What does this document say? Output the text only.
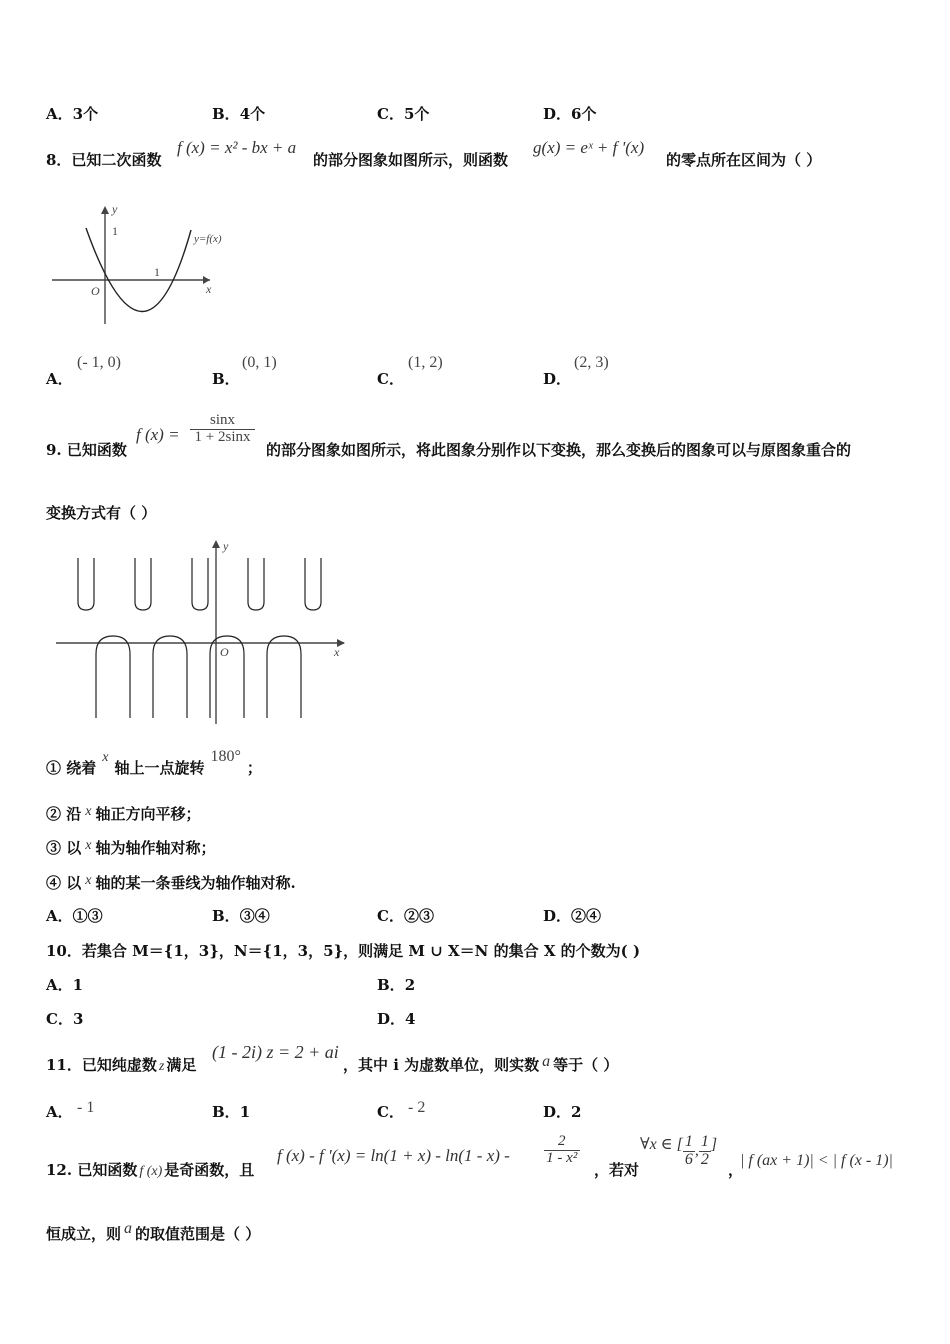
A．3个	B．4个	C．5个	D．6个
8．已知二次函数
f (x) = x² - bx + a
的部分图象如图所示，则函数
g(x) = eˣ + f '(x)
的零点所在区间为（ ）
y
x
O
1
1
y=f(x)
A．
(- 1, 0)
B．
(0, 1)
C．
(1, 2)
D．
(2, 3)
9. 已知函数
f $(x) = \frac{\sin x}{1 + 2\sin x}$
的部分图象如图所示，将此图象分别作以下变换，那么变换后的图象可以与原图象重合的
变换方式有（ ）
y
x
O
① 绕着x轴上一点旋转180°；
② 沿 x 轴正方向平移；
③ 以 x 轴为轴作轴对称；
④ 以 x 轴的某一条垂线为轴作轴对称.
A．①③	B．③④	C．②③	D．②④
10．若集合 M＝{1，3}，N＝{1，3，5}，则满足 M ∪ X＝N 的集合 X 的个数为( )
A．1	B．2
C．3	D．4
11．已知纯虚数 z 满足
(1 - 2i) z = 2 + ai
，其中 i 为虚数单位，则实数 a 等于（ ）
A． - 1	B．1	C． - 2	D．2
12. 已知函数 f (x) 是奇函数，且
f (x) - f '$(x) = \ln(1 + x) - \ln(1 - x) - \frac{2}{\text{1 - x²}}$
，若对
∀x ∈ [ $\frac{1}{6}$ , $\frac{1}{2}$ ]
，
| f (ax + 1)| < | f (x - 1)|
恒成立，则 a 的取值范围是（ ）
